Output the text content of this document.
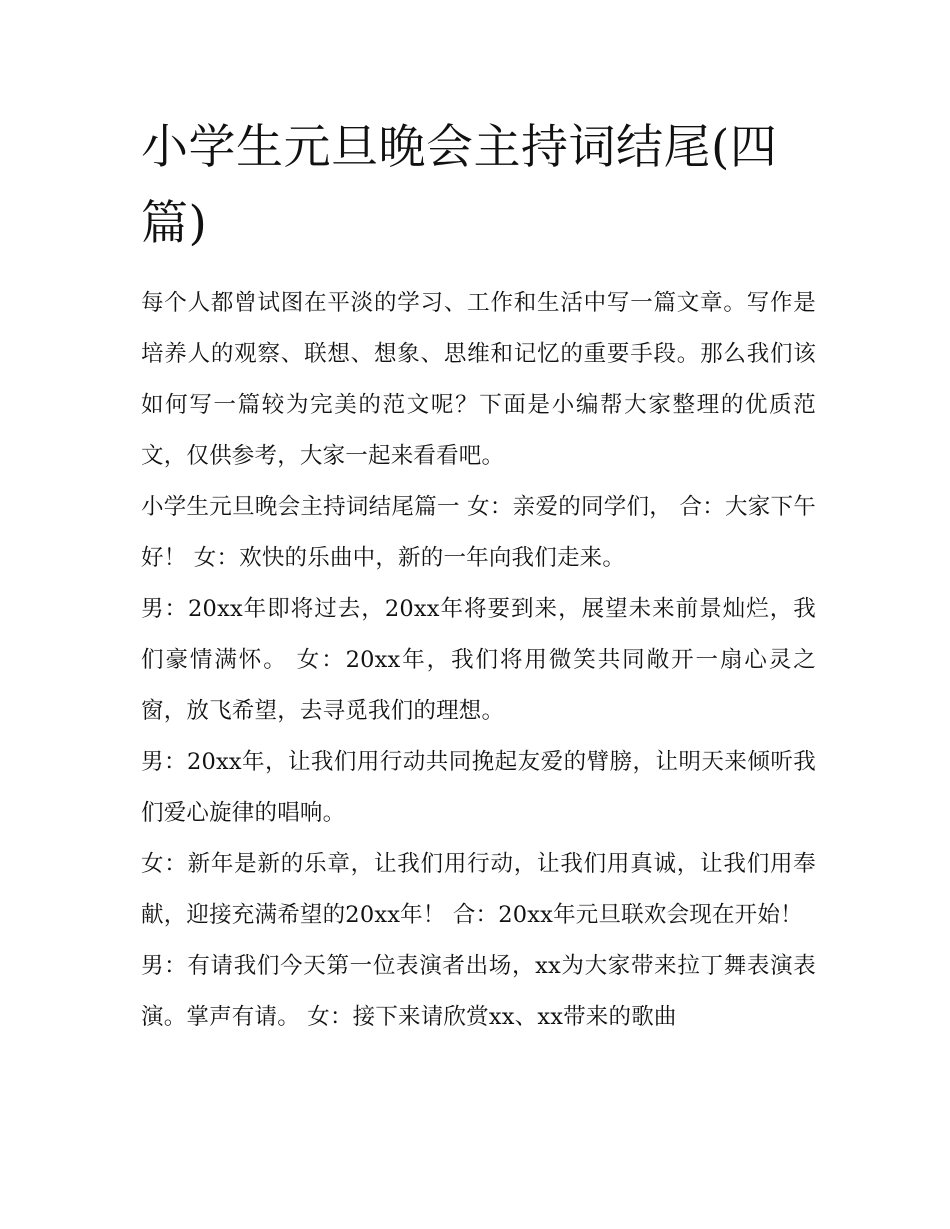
小学生元旦晚会主持词结尾(四篇)

每个人都曾试图在平淡的学习、工作和生活中写一篇文章。写作是培养人的观察、联想、想象、思维和记忆的重要手段。那么我们该如何写一篇较为完美的范文呢？下面是小编帮大家整理的优质范文，仅供参考，大家一起来看看吧。

小学生元旦晚会主持词结尾篇一 女：亲爱的同学们， 合：大家下午好！ 女：欢快的乐曲中，新的一年向我们走来。

男：20xx年即将过去，20xx年将要到来，展望未来前景灿烂，我们豪情满怀。 女：20xx年，我们将用微笑共同敞开一扇心灵之窗，放飞希望，去寻觅我们的理想。

男：20xx年，让我们用行动共同挽起友爱的臂膀，让明天来倾听我们爱心旋律的唱响。

女：新年是新的乐章，让我们用行动，让我们用真诚，让我们用奉献，迎接充满希望的20xx年！ 合：20xx年元旦联欢会现在开始！

男：有请我们今天第一位表演者出场，xx为大家带来拉丁舞表演表演。掌声有请。 女：接下来请欣赏xx、xx带来的歌曲
